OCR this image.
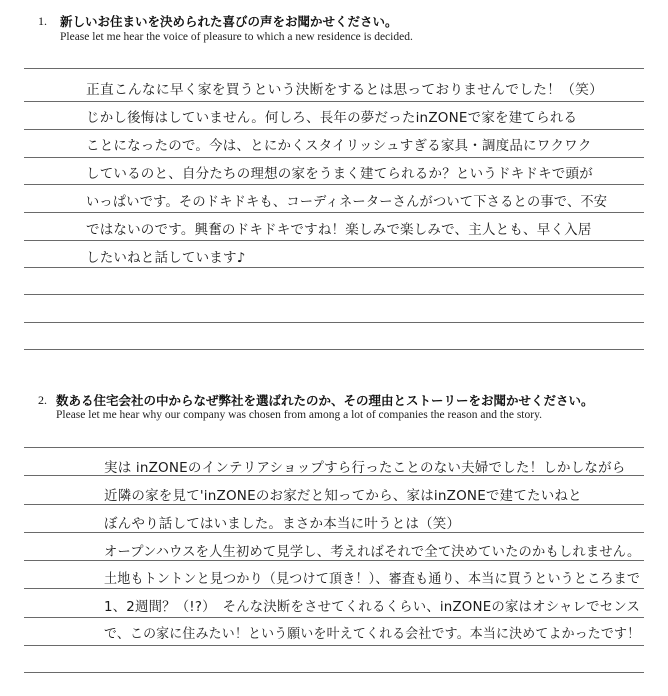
1. 新しいお住まいを決められた喜びの声をお聞かせください。
Please let me hear the voice of pleasure to which a new residence is decided.
正直こんなに早く家を買うという決断をするとは思っておりませんでした！（笑）
じかし後悔はしていません。何しろ、長年の夢だったinZONEで家を建てられる
ことになったので。今は、とにかくスタイリッシュすぎる家具・調度品にワクワク
しているのと、自分たちの理想の家をうまく建てられるか？というドキドキで頭が
いっぱいです。そのドキドキも、コーディネーターさんがついて下さるとの事で、不安
ではないのです。興奮のドキドキですね！楽しみで楽しみで、主人とも、早く入居
したいねと話しています♪
2. 数ある住宅会社の中からなぜ弊社を選ばれたのか、その理由とストーリーをお聞かせください。
Please let me hear why our company was chosen from among a lot of companies the reason and the story.
実は inZONEのインテリアショップすら行ったことのない夫婦でした！しかしながら
近隣の家を見て'inZONEのお家だと知ってから、家はinZONEで建てたいねと
ぼんやり話してはいました。まさか本当に叶うとは（笑）
オープンハウスを人生初めて見学し、考えればそれで全て決めていたのかもしれません。
土地もトントンと見つかり（見つけて頂き！）、審査も通り、本当に買うというところまで
1、2週間？（!?）　そんな決断をさせてくれるくらい、inZONEの家はオシャレでセンス
で、この家に住みたい！という願いを叶えてくれる会社です。本当に決めてよかったです！
